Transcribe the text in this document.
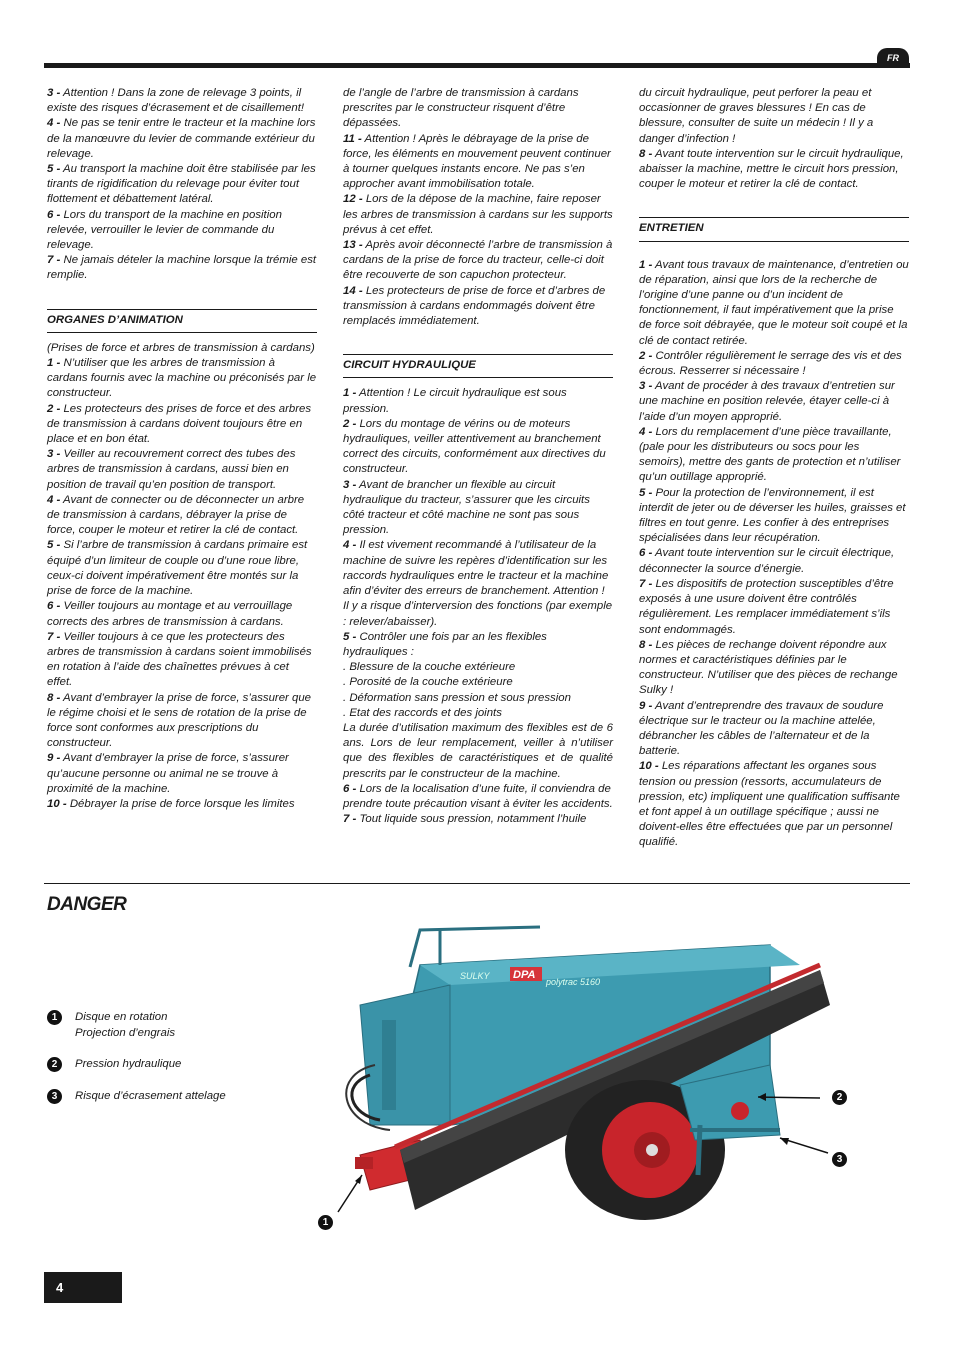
FR

3 - Attention ! Dans la zone de relevage 3 points, il existe des risques d’écrasement et de cisaillement!

4 - Ne pas se tenir entre le tracteur et la machine lors de la manœuvre du levier de commande extérieur du relevage.

5 - Au transport la machine doit être stabilisée par les tirants de rigidification du relevage pour éviter tout flottement et débattement latéral.

6 - Lors du transport de la machine en position relevée, verrouiller le levier de commande du relevage.

7 - Ne jamais dételer la machine lorsque la trémie est remplie.

ORGANES D’ANIMATION

(Prises de force et arbres de transmission à cardans)

1 - N’utiliser que les arbres de transmission à cardans fournis avec la machine ou préconisés par le constructeur.

2 - Les protecteurs des prises de force et des arbres de transmission à cardans doivent toujours être en place et en bon état.

3 - Veiller au recouvrement correct des tubes des arbres de transmission à cardans, aussi bien en position de travail qu’en position de transport.

4 - Avant de connecter ou de déconnecter un arbre de transmission à cardans, débrayer la prise de force, couper le moteur et retirer la clé de contact.

5 - Si l’arbre de transmission à cardans primaire est équipé d’un limiteur de couple ou d’une roue libre, ceux-ci doivent impérativement être montés sur la prise de force de la machine.

6 - Veiller toujours au montage et au verrouillage corrects des arbres de transmission à cardans.

7 - Veiller toujours à ce que les protecteurs des arbres de transmission à cardans soient immobilisés en rotation à l’aide des chaînettes prévues à cet effet.

8 - Avant d’embrayer la prise de force, s’assurer que le régime choisi et le sens de rotation de la prise de force sont conformes aux prescriptions du constructeur.

9 - Avant d’embrayer la prise de force, s’assurer qu’aucune personne ou animal ne se trouve à proximité de la machine.

10 - Débrayer la prise de force lorsque les limites

de l’angle de l’arbre de transmission à cardans prescrites par le constructeur risquent d’être dépassées.

11 - Attention ! Après le débrayage de la prise de force, les éléments en mouvement peuvent continuer à tourner quelques instants encore. Ne pas s’en approcher avant immobilisation totale.

12 - Lors de la dépose de la machine, faire reposer les arbres de transmission à cardans sur les supports prévus à cet effet.

13 - Après avoir déconnecté l’arbre de transmission à cardans de la prise de force du tracteur, celle-ci doit être recouverte de son capuchon protecteur.

14 - Les protecteurs de prise de force et d’arbres de transmission à cardans endommagés doivent être remplacés immédiatement.

CIRCUIT HYDRAULIQUE

1 - Attention ! Le circuit hydraulique est sous pression.

2 - Lors du montage de vérins ou de moteurs hydrauliques, veiller attentivement au branchement correct des circuits, conformément aux directives du constructeur.

3 - Avant de brancher un flexible au circuit hydraulique du tracteur, s’assurer que les circuits côté tracteur et côté machine ne sont pas sous pression.

4 - Il est vivement recommandé à l’utilisateur de la machine de suivre les repères d’identification sur les raccords hydrauliques entre le tracteur et la machine afin d’éviter des erreurs de branchement. Attention ! Il y a risque d’interversion des fonctions (par exemple : relever/abaisser).

5 - Contrôler une fois par an les flexibles hydrauliques :

. Blessure de la couche extérieure

. Porosité de la couche extérieure

. Déformation sans pression et sous pression

. Etat des raccords et des joints

La durée d’utilisation maximum des flexibles est de 6 ans. Lors de leur remplacement, veiller à n’utiliser que des flexibles de caractéristiques et de qualité prescrits par le constructeur de la machine.

6 - Lors de la localisation d’une fuite, il conviendra de prendre toute précaution visant à éviter les accidents.

7 - Tout liquide sous pression, notamment l’huile

du circuit hydraulique, peut perforer la peau et occasionner de graves blessures ! En cas de blessure, consulter de suite un médecin ! Il y a danger d’infection !

8 - Avant toute intervention sur le circuit hydraulique, abaisser la machine, mettre le circuit hors pression, couper le moteur et retirer la clé de contact.

ENTRETIEN

1 - Avant tous travaux de maintenance, d’entretien ou de réparation, ainsi que lors de la recherche de l’origine d’une panne ou d’un incident de fonctionnement, il faut impérativement que la prise de force soit débrayée, que le moteur soit coupé et la clé de contact retirée.

2 - Contrôler régulièrement le serrage des vis et des écrous. Resserrer si nécessaire !

3 - Avant de procéder à des travaux d’entretien sur une machine en position relevée, étayer celle-ci à l’aide d’un moyen approprié.

4 - Lors du remplacement d’une pièce travaillante, (pale pour les distributeurs ou socs pour les semoirs), mettre des gants de protection et n’utiliser qu’un outillage approprié.

5 - Pour la protection de l’environnement, il est interdit de jeter ou de déverser les huiles, graisses et filtres en tout genre. Les confier à des entreprises spécialisées dans leur récupération.

6 - Avant toute intervention sur le circuit électrique, déconnecter la source d’énergie.

7 - Les dispositifs de protection susceptibles d’être exposés à une usure doivent être contrôlés régulièrement. Les remplacer immédiatement s’ils sont endommagés.

8 - Les pièces de rechange doivent répondre aux normes et caractéristiques définies par le constructeur. N’utiliser que des pièces de rechange Sulky !

9 - Avant d’entreprendre des travaux de soudure électrique sur le tracteur ou la machine attelée, débrancher les câbles de l’alternateur et de la batterie.

10 - Les réparations affectant les organes sous tension ou pression (ressorts, accumulateurs de pression, etc) impliquent une qualification suffisante et font appel à un outillage spécifique ; aussi ne doivent-elles être effectuées que par un personnel qualifié.

DANGER
1	Disque en rotation
Projection d’engrais
2	Pression hydraulique
3	Risque d’écrasement attelage
DPA
polytrac 5160
SULKY
1
2
3
4
